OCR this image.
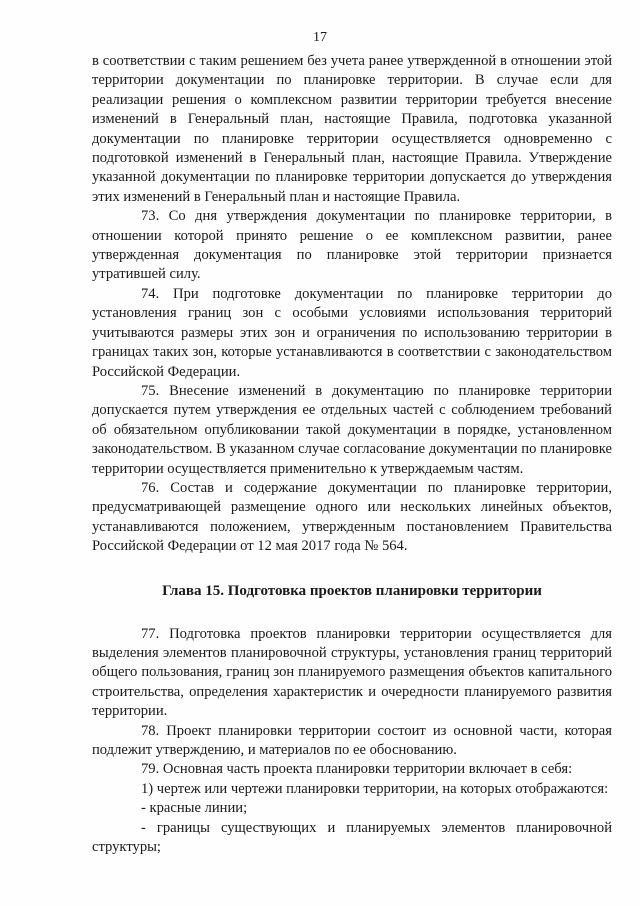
17

в соответствии с таким решением без учета ранее утвержденной в отношении этой территории документации по планировке территории. В случае если для реализации решения о комплексном развитии территории требуется внесение изменений в Генеральный план, настоящие Правила, подготовка указанной документации по планировке территории осуществляется одновременно с подготовкой изменений в Генеральный план, настоящие Правила. Утверждение указанной документации по планировке территории допускается до утверждения этих изменений в Генеральный план и настоящие Правила.

73. Со дня утверждения документации по планировке территории, в отношении которой принято решение о ее комплексном развитии, ранее утвержденная документация по планировке этой территории признается утратившей силу.

74. При подготовке документации по планировке территории до установления границ зон с особыми условиями использования территорий учитываются размеры этих зон и ограничения по использованию территории в границах таких зон, которые устанавливаются в соответствии с законодательством Российской Федерации.

75. Внесение изменений в документацию по планировке территории допускается путем утверждения ее отдельных частей с соблюдением требований об обязательном опубликовании такой документации в порядке, установленном законодательством. В указанном случае согласование документации по планировке территории осуществляется применительно к утверждаемым частям.

76. Состав и содержание документации по планировке территории, предусматривающей размещение одного или нескольких линейных объектов, устанавливаются положением, утвержденным постановлением Правительства Российской Федерации от 12 мая 2017 года № 564.

Глава 15. Подготовка проектов планировки территории

77. Подготовка проектов планировки территории осуществляется для выделения элементов планировочной структуры, установления границ территорий общего пользования, границ зон планируемого размещения объектов капитального строительства, определения характеристик и очередности планируемого развития территории.

78. Проект планировки территории состоит из основной части, которая подлежит утверждению, и материалов по ее обоснованию.

79. Основная часть проекта планировки территории включает в себя:

1) чертеж или чертежи планировки территории, на которых отображаются:

- красные линии;

- границы существующих и планируемых элементов планировочной структуры;
